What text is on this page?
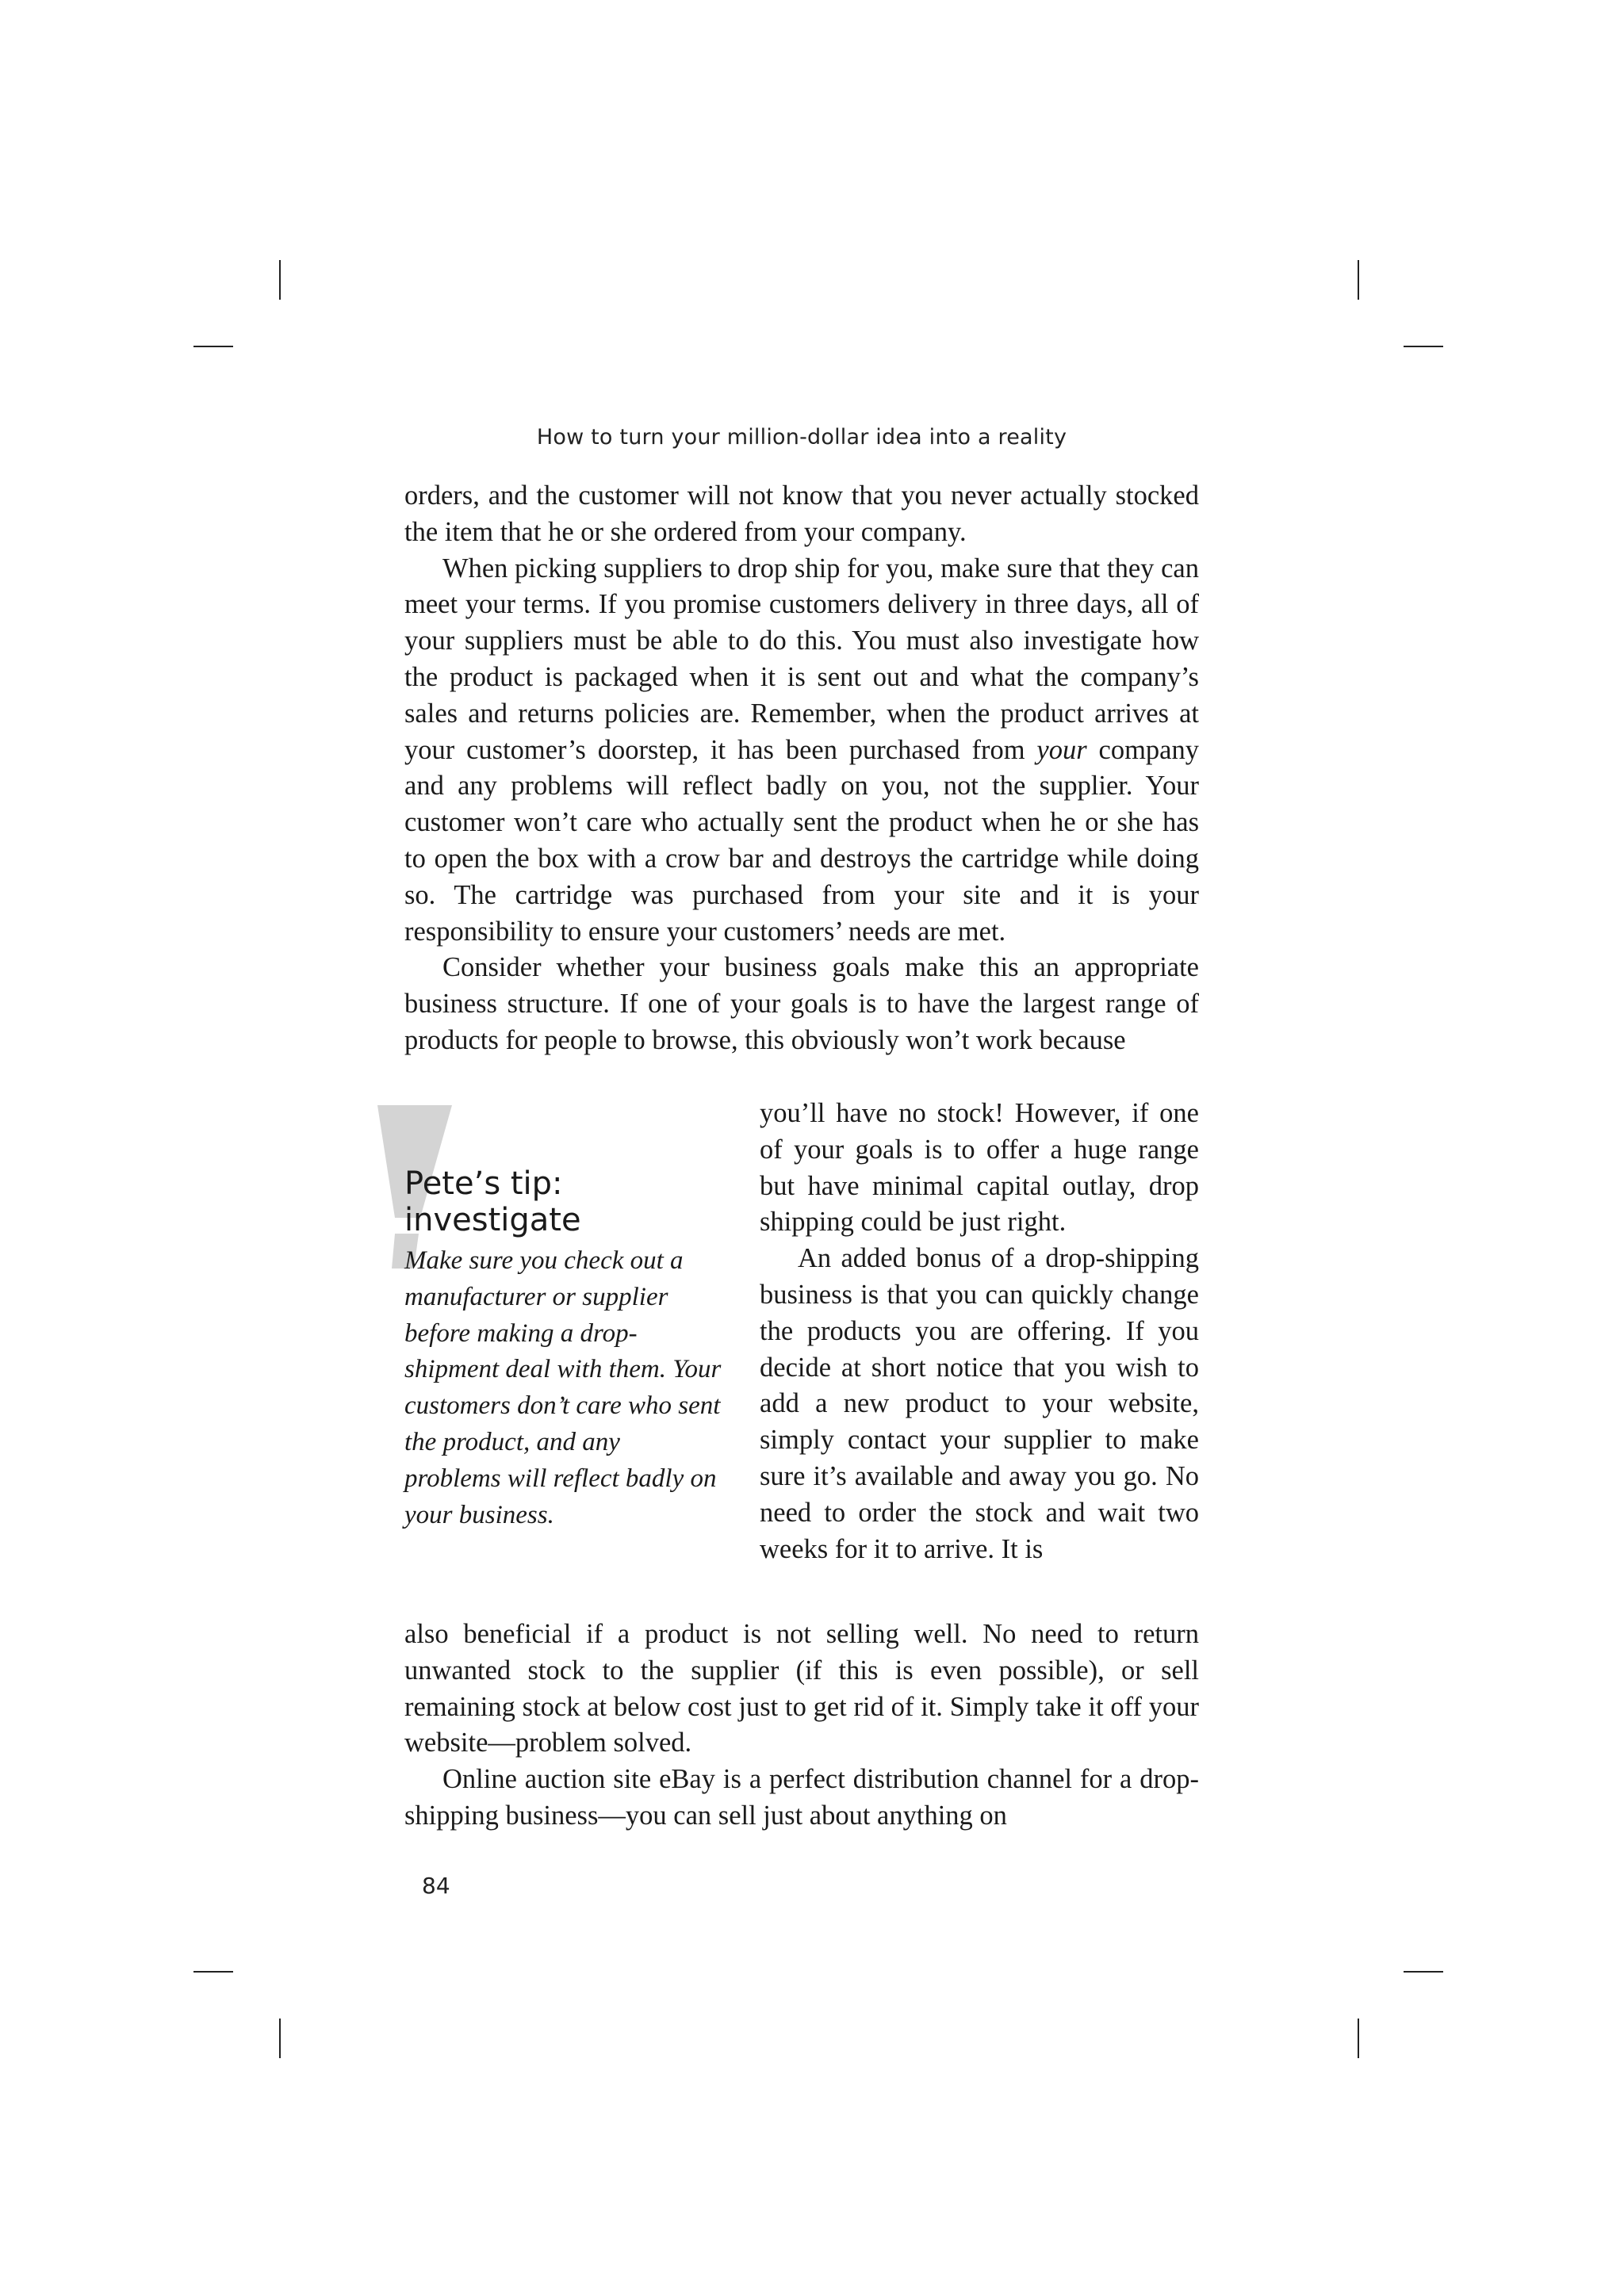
How to turn your million-dollar idea into a reality

orders, and the customer will not know that you never actually stocked the item that he or she ordered from your company.

When picking suppliers to drop ship for you, make sure that they can meet your terms. If you promise customers delivery in three days, all of your suppliers must be able to do this. You must also investigate how the product is packaged when it is sent out and what the company’s sales and returns policies are. Remember, when the product arrives at your customer’s doorstep, it has been purchased from your company and any problems will reflect badly on you, not the supplier. Your customer won’t care who actually sent the product when he or she has to open the box with a crow bar and destroys the cartridge while doing so. The cartridge was purchased from your site and it is your responsibility to ensure your customers’ needs are met.

Consider whether your business goals make this an appropriate business structure. If one of your goals is to have the largest range of products for people to browse, this obviously won’t work because

Pete’s tip:
investigate
Make sure you check out a manufacturer or supplier before making a drop-shipment deal with them. Your customers don’t care who sent the product, and any problems will reflect badly on your business.

you’ll have no stock! However, if one of your goals is to offer a huge range but have minimal capital outlay, drop shipping could be just right.

An added bonus of a drop-shipping business is that you can quickly change the products you are offering. If you decide at short notice that you wish to add a new product to your website, simply contact your supplier to make sure it’s available and away you go. No need to order the stock and wait two weeks for it to arrive. It is

also beneficial if a product is not selling well. No need to return unwanted stock to the supplier (if this is even possible), or sell remaining stock at below cost just to get rid of it. Simply take it off your website—problem solved.

Online auction site eBay is a perfect distribution channel for a drop-shipping business—you can sell just about anything on

84
